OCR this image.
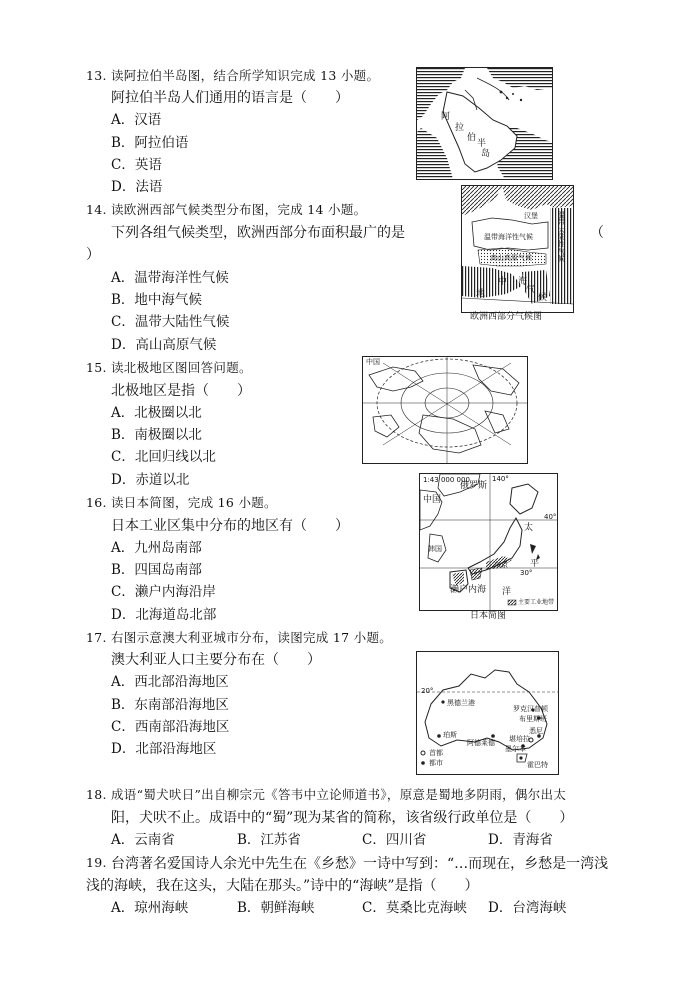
13. 读阿拉伯半岛图，结合所学知识完成 13 小题。
阿拉伯半岛人们通用的语言是（　　）
A．汉语
B．阿拉伯语
C．英语
D．法语
阿
拉
伯
半
岛
14. 读欧洲西部气候类型分布图，完成 14 小题。
下列各组气候类型，欧洲西部分布面积最广的是	（
）
A．温带海洋性气候
B．地中海气候
C．温带大陆性气候
D．高山高原气候
温带海洋性气候
高山高原气候
温带大陆性气候
地
中 海
气
候
汉堡
欧洲西部分气候图
15. 读北极地区图回答问题。
北极地区是指（　　）
A．北极圈以北
B．南极圈以北
C．北回归线以北
D．赤道以北
中国
16. 读日本简图，完成 16 小题。
日本工业区集中分布的地区有（　　）
A．九州岛南部
B．四国岛南部
C．濑户内海沿岸
D．北海道岛北部
1:43 000 000
俄罗斯
中国
韩国
濑户内海
太
平
洋
东京
140°
40°
30°
主要工业地带
日本简图
17. 右图示意澳大利亚城市分布，读图完成 17 小题。
澳大利亚人口主要分布在（　　）
A．西北部沿海地区
B．东南部沿海地区
C．西南部沿海地区
D．北部沿海地区
20°
黑德兰港
罗克汉普顿
布里斯班
珀斯
阿德莱德
悉尼
堪培拉
墨尔本
霍巴特
首都
都市
18. 成语“蜀犬吠日”出自柳宗元《答韦中立论师道书》，原意是蜀地多阴雨，偶尔出太
阳，犬吠不止。成语中的“蜀”现为某省的简称，该省级行政单位是（　　）
A．云南省	B．江苏省	C．四川省	D．青海省
19. 台湾著名爱国诗人余光中先生在《乡愁》一诗中写到：“…而现在，乡愁是一湾浅
浅的海峡，我在这头，大陆在那头。”诗中的“海峡”是指（　　）
A．琼州海峡	B．朝鲜海峡	C．莫桑比克海峡 D．台湾海峡
